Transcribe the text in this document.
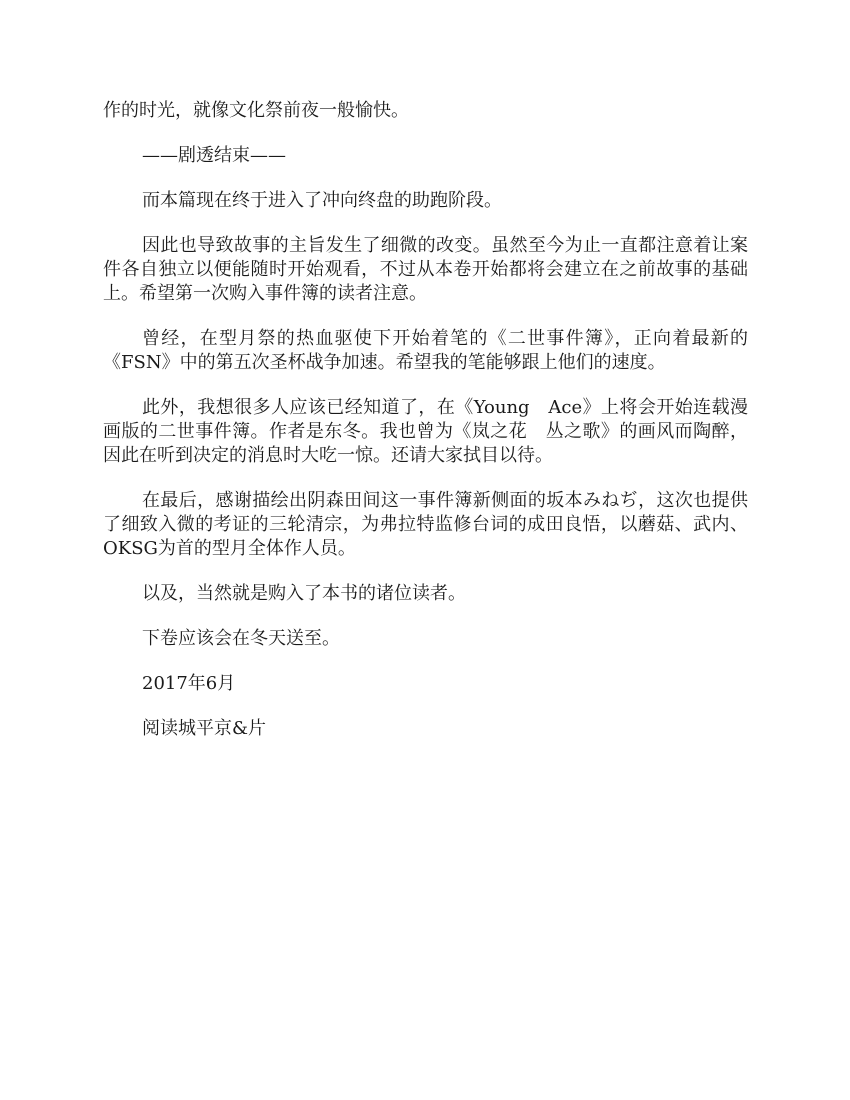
作的时光，就像文化祭前夜一般愉快。

——剧透结束——

而本篇现在终于进入了冲向终盘的助跑阶段。

因此也导致故事的主旨发生了细微的改变。虽然至今为止一直都注意着让案件各自独立以便能随时开始观看，不过从本卷开始都将会建立在之前故事的基础上。希望第一次购入事件簿的读者注意。

曾经，在型月祭的热血驱使下开始着笔的《二世事件簿》，正向着最新的《FSN》中的第五次圣杯战争加速。希望我的笔能够跟上他们的速度。

此外，我想很多人应该已经知道了，在《Young　Ace》上将会开始连载漫画版的二世事件簿。作者是东冬。我也曾为《岚之花　丛之歌》的画风而陶醉，因此在听到决定的消息时大吃一惊。还请大家拭目以待。

在最后，感谢描绘出阴森田间这一事件簿新侧面的坂本みねぢ，这次也提供了细致入微的考证的三轮清宗，为弗拉特监修台词的成田良悟，以蘑菇、武内、OKSG为首的型月全体作人员。

以及，当然就是购入了本书的诸位读者。

下卷应该会在冬天送至。

2017年6月

阅读城平京&片
